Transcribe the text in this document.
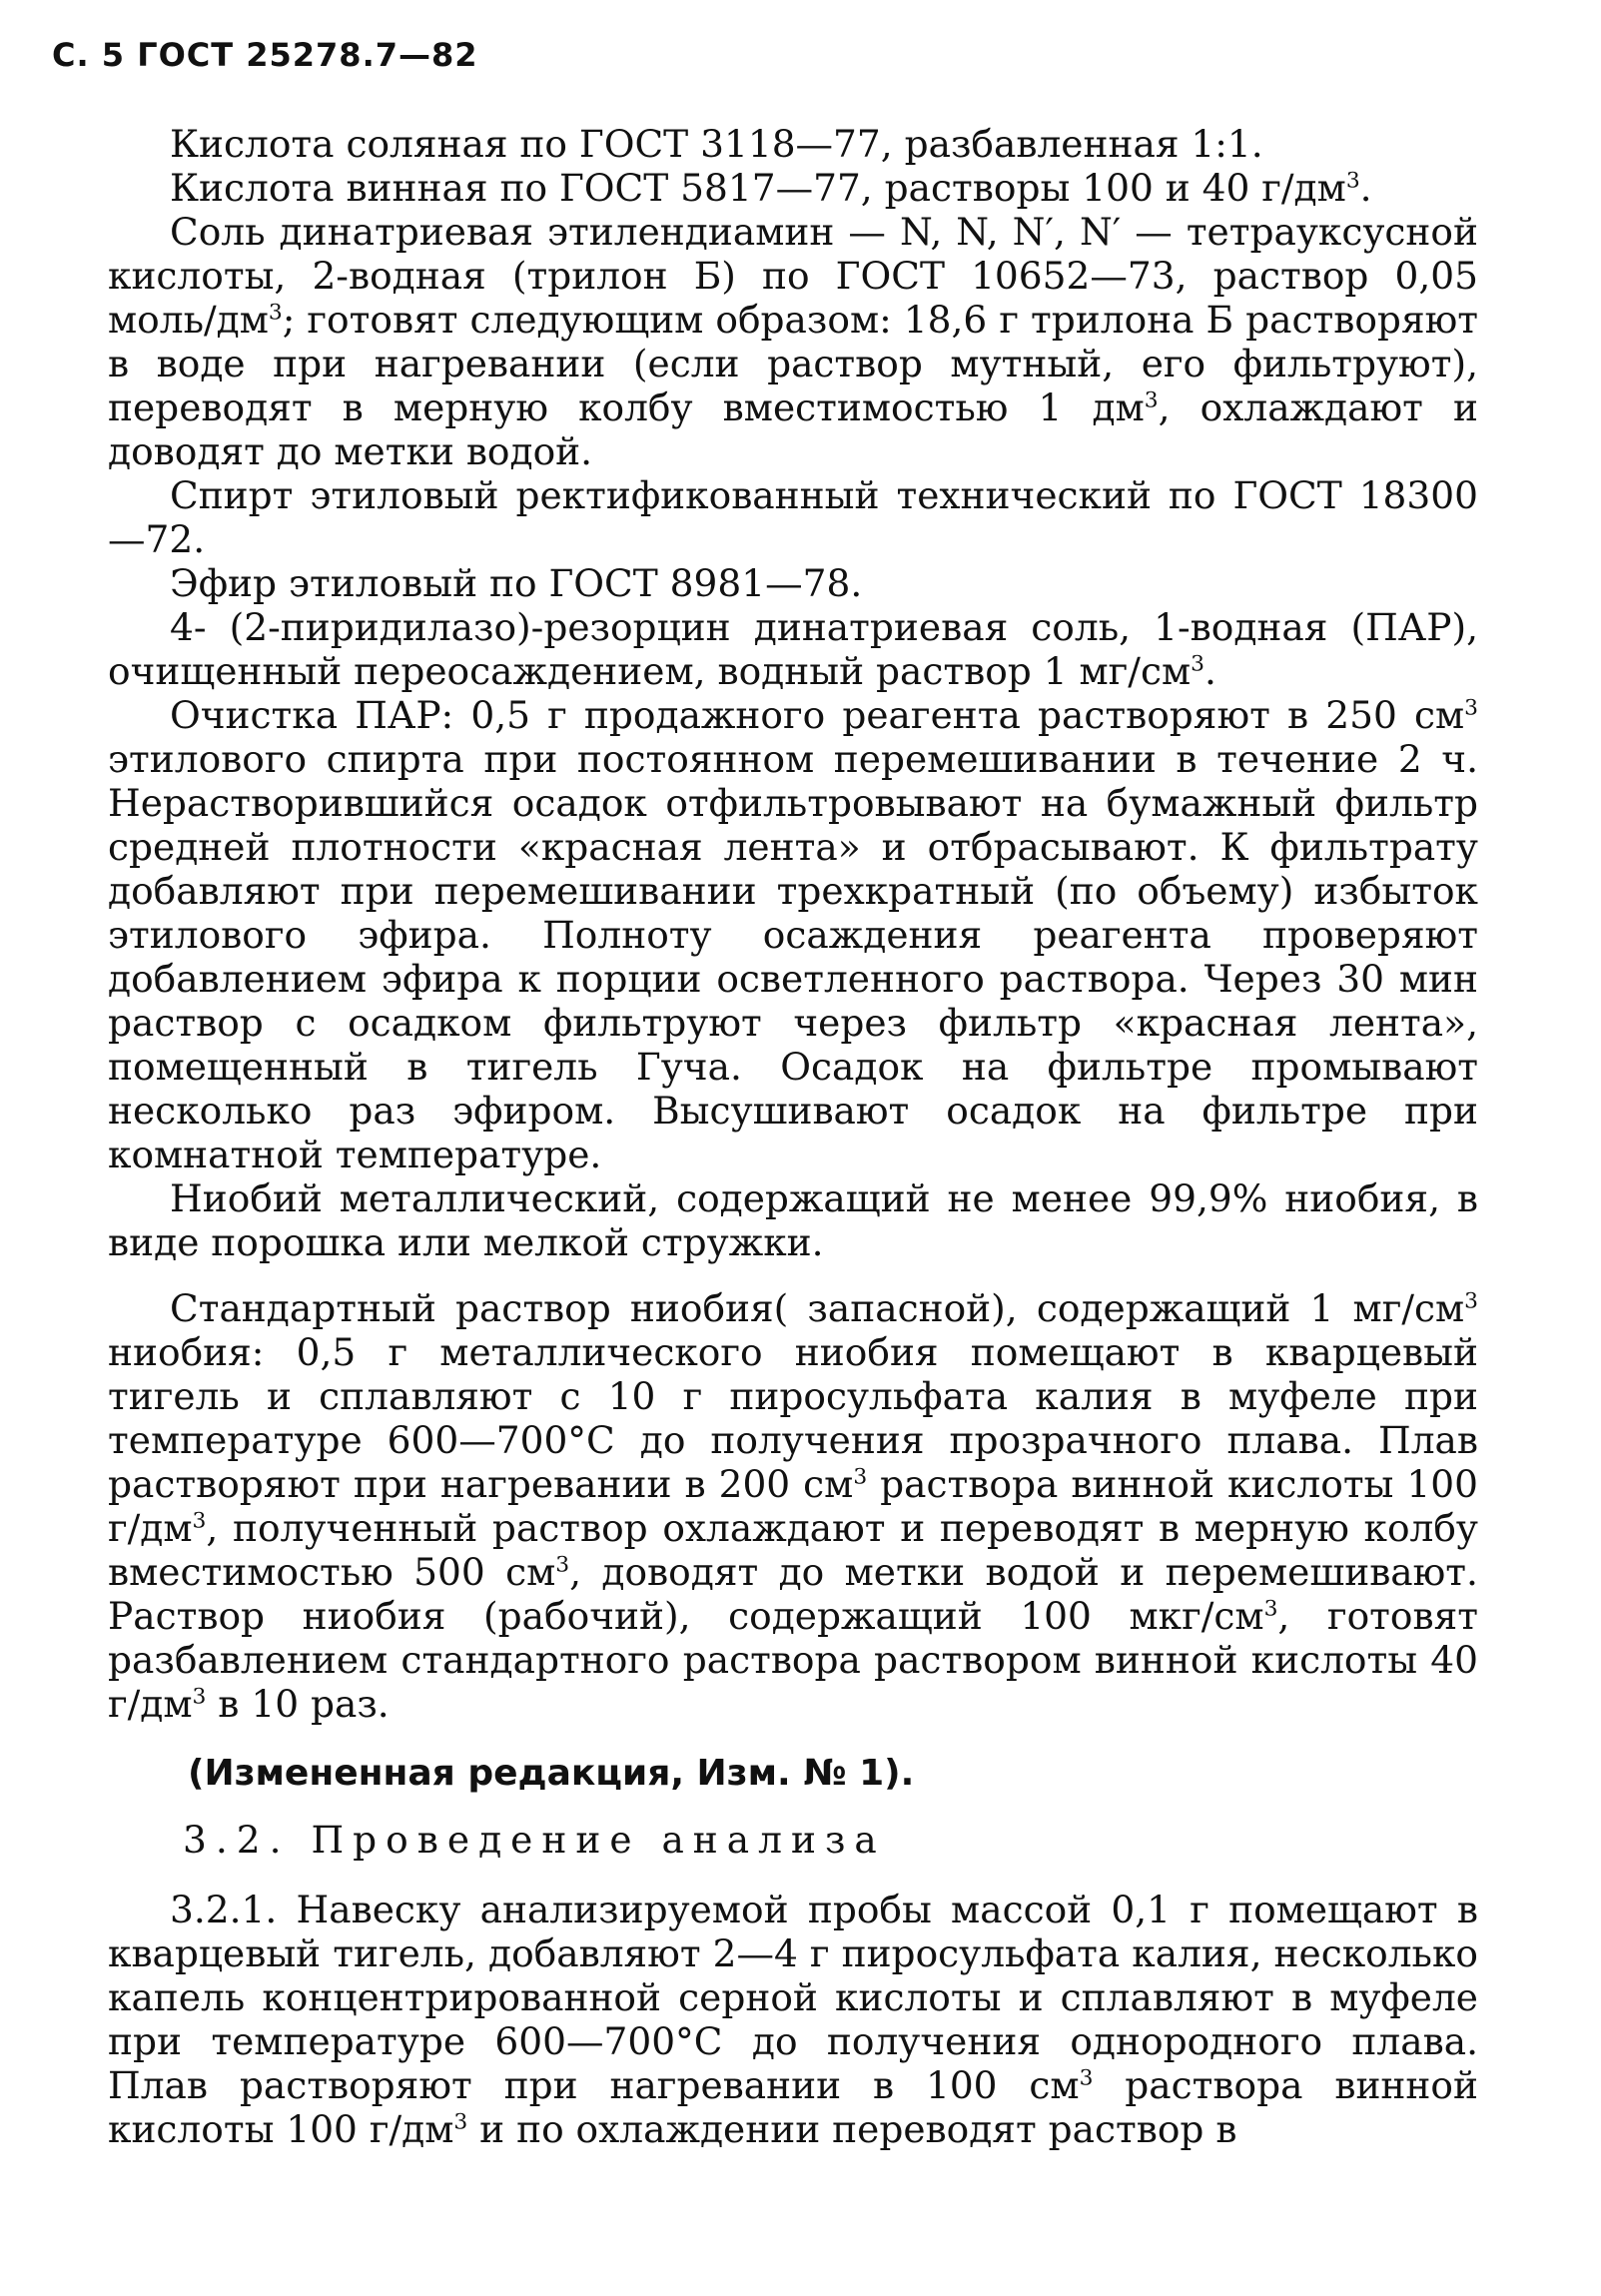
С. 5 ГОСТ 25278.7—82

Кислота соляная по ГОСТ 3118—77, разбавленная 1:1.

Кислота винная по ГОСТ 5817—77, растворы 100 и 40 $г/дм^3$.

Соль динатриевая этилендиамин — N, N, N′, N′ — тетрауксусной кислоты, 2-водная (трилон Б) по ГОСТ 10652—73, раствор 0,05 моль/$дм^3$; готовят следующим образом: 18,6 г трилона Б растворяют в воде при нагревании (если раствор мутный, его фильтруют), переводят в мерную колбу вместимостью 1 $дм^3$, охлаждают и доводят до метки водой.

Спирт этиловый ректификованный технический по ГОСТ 18300—72.

Эфир этиловый по ГОСТ 8981—78.

4- (2-пиридилазо)-резорцин динатриевая соль, 1-водная (ПАР), очищенный переосаждением, водный раствор 1 $мг/см^3$.

Очистка ПАР: 0,5 г продажного реагента растворяют в 250 $см^3$ этилового спирта при постоянном перемешивании в течение 2 ч. Нерастворившийся осадок отфильтровывают на бумажный фильтр средней плотности «красная лента» и отбрасывают. К фильтрату добавляют при перемешивании трехкратный (по объему) избыток этилового эфира. Полноту осаждения реагента проверяют добавлением эфира к порции осветленного раствора. Через 30 мин раствор с осадком фильтруют через фильтр «красная лента», помещенный в тигель Гуча. Осадок на фильтре промывают несколько раз эфиром. Высушивают осадок на фильтре при комнатной температуре.

Ниобий металлический, содержащий не менее 99,9% ниобия, в виде порошка или мелкой стружки.

Стандартный раствор ниобия( запасной), содержащий 1 $мг/см^3$ ниобия: 0,5 г металлического ниобия помещают в кварцевый тигель и сплавляют с 10 г пиросульфата калия в муфеле при температуре 600—700°С до получения прозрачного плава. Плав растворяют при нагревании в 200 $см^3$ раствора винной кислоты 100 $г/дм^3$, полученный раствор охлаждают и переводят в мерную колбу вместимостью 500 $см^3$, доводят до метки водой и перемешивают. Раствор ниобия (рабочий), содержащий 100 мкг/$см^3$, готовят разбавлением стандартного раствора раствором винной кислоты 40 $г/дм^3$ в 10 раз.

(Измененная редакция, Изм. № 1).

3.2. Проведение анализа

3.2.1. Навеску анализируемой пробы массой 0,1 г помещают в кварцевый тигель, добавляют 2—4 г пиросульфата калия, несколько капель концентрированной серной кислоты и сплавляют в муфеле при температуре 600—700°С до получения однородного плава. Плав растворяют при нагревании в 100 $см^3$ раствора винной кислоты 100 $г/дм^3$ и по охлаждении переводят раствор в
